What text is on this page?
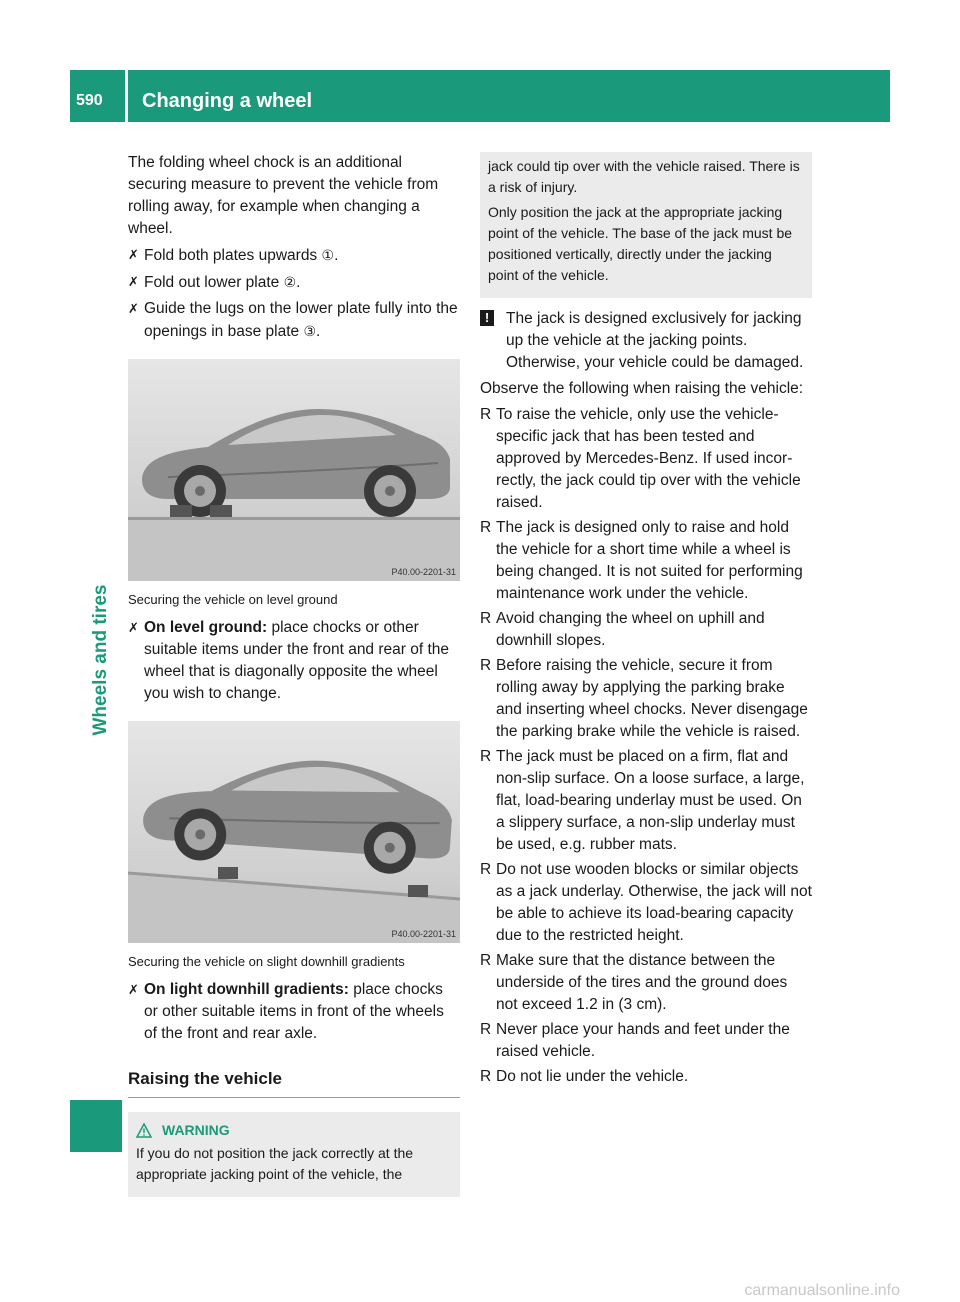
590 Changing a wheel
Wheels and tires

The folding wheel chock is an additional securing measure to prevent the vehicle from rolling away, for example when changing a wheel.

✗ Fold both plates upwards ①.
✗ Fold out lower plate ②.
✗ Guide the lugs on the lower plate fully into the openings in base plate ③.
P40.00-2201-31
Securing the vehicle on level ground
✗ On level ground: place chocks or other suitable items under the front and rear of the wheel that is diagonally opposite the wheel you wish to change.
P40.00-2201-31
Securing the vehicle on slight downhill gradients
✗ On light downhill gradients: place chocks or other suitable items in front of the wheels of the front and rear axle.
Raising the vehicle
WARNING

If you do not position the jack correctly at the appropriate jacking point of the vehicle, the

jack could tip over with the vehicle raised. There is a risk of injury.

Only position the jack at the appropriate jacking point of the vehicle. The base of the jack must be positioned vertically, directly under the jacking point of the vehicle.

!	The jack is designed exclusively for jacking up the vehicle at the jacking points. Otherwise, your vehicle could be damaged.

Observe the following when raising the vehicle:

R To raise the vehicle, only use the vehicle-specific jack that has been tested and approved by Mercedes-Benz. If used incorrectly, the jack could tip over with the vehicle raised.
R The jack is designed only to raise and hold the vehicle for a short time while a wheel is being changed. It is not suited for performing maintenance work under the vehicle.
R Avoid changing the wheel on uphill and downhill slopes.
R Before raising the vehicle, secure it from rolling away by applying the parking brake and inserting wheel chocks. Never disengage the parking brake while the vehicle is raised.
R The jack must be placed on a firm, flat and non-slip surface. On a loose surface, a large, flat, load-bearing underlay must be used. On a slippery surface, a non-slip underlay must be used, e.g. rubber mats.
R Do not use wooden blocks or similar objects as a jack underlay. Otherwise, the jack will not be able to achieve its load-bearing capacity due to the restricted height.
R Make sure that the distance between the underside of the tires and the ground does not exceed 1.2 in (3 cm).
R Never place your hands and feet under the raised vehicle.
R Do not lie under the vehicle.
carmanualsonline.info
